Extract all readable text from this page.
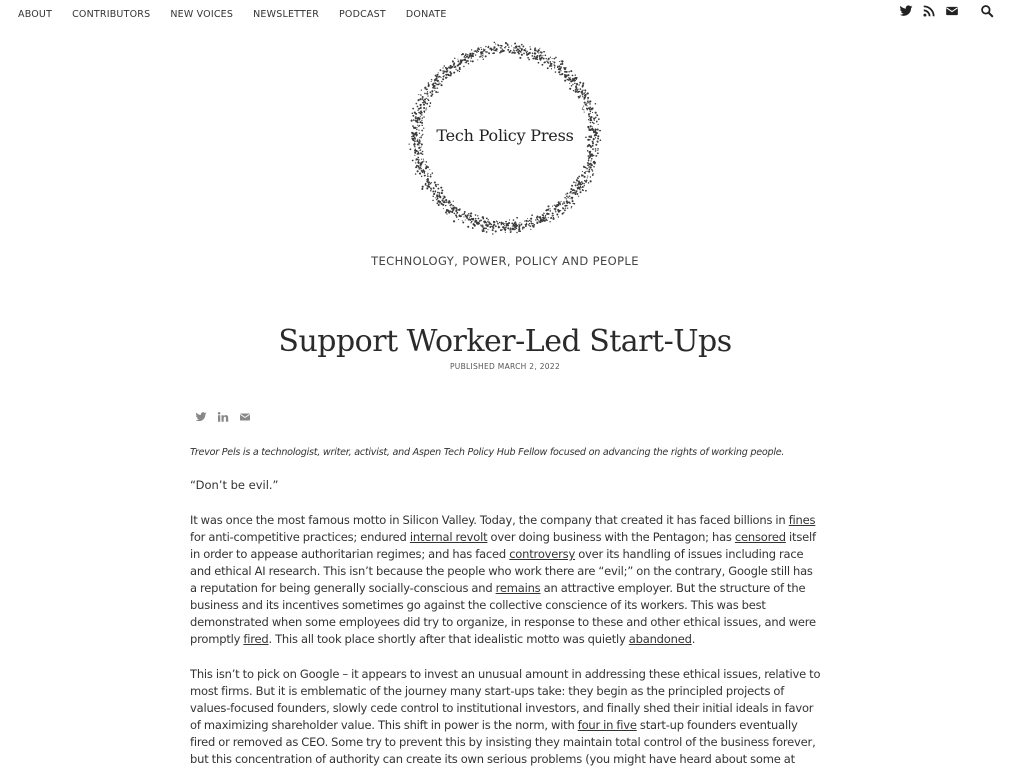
ABOUT CONTRIBUTORS NEW VOICES NEWSLETTER PODCAST DONATE
Tech Policy Press
TECHNOLOGY, POWER, POLICY AND PEOPLE
Support Worker-Led Start-Ups
PUBLISHED MARCH 2, 2022

Trevor Pels is a technologist, writer, activist, and Aspen Tech Policy Hub Fellow focused on advancing the rights of working people.

“Don’t be evil.”

It was once the most famous motto in Silicon Valley. Today, the company that created it has faced billions in fines for anti-competitive practices; endured internal revolt over doing business with the Pentagon; has censored itself in order to appease authoritarian regimes; and has faced controversy over its handling of issues including race and ethical AI research. This isn’t because the people who work there are “evil;” on the contrary, Google still has a reputation for being generally socially-conscious and remains an attractive employer. But the structure of the business and its incentives sometimes go against the collective conscience of its workers. This was best demonstrated when some employees did try to organize, in response to these and other ethical issues, and were promptly fired. This all took place shortly after that idealistic motto was quietly abandoned.

This isn’t to pick on Google – it appears to invest an unusual amount in addressing these ethical issues, relative to most firms. But it is emblematic of the journey many start-ups take: they begin as the principled projects of values-focused founders, slowly cede control to institutional investors, and finally shed their initial ideals in favor of maximizing shareholder value. This shift in power is the norm, with four in five start-up founders eventually fired or removed as CEO. Some try to prevent this by insisting they maintain total control of the business forever, but this concentration of authority can create its own serious problems (you might have heard about some at
